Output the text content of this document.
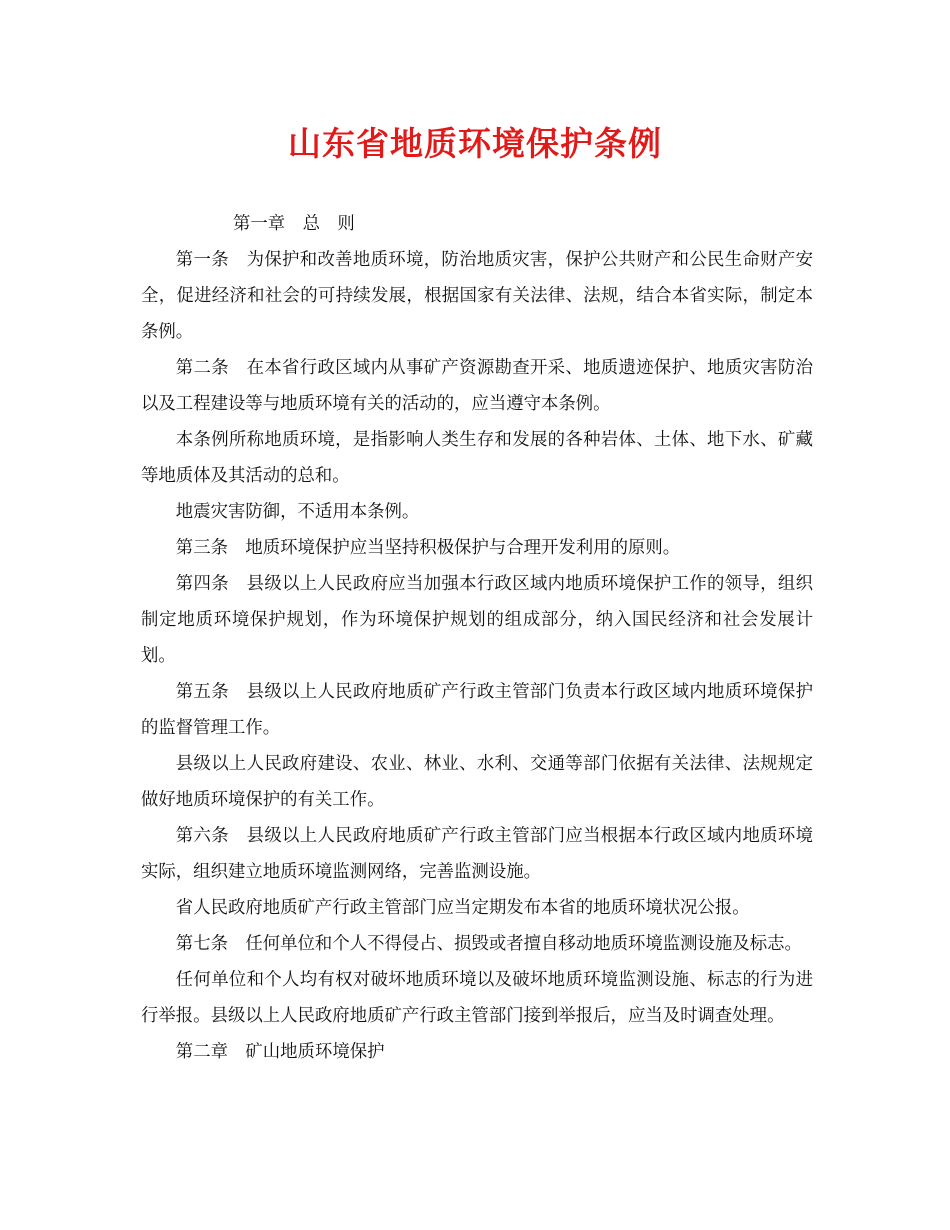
山东省地质环境保护条例

第一章　总　则

第一条　为保护和改善地质环境，防治地质灾害，保护公共财产和公民生命财产安全，促进经济和社会的可持续发展，根据国家有关法律、法规，结合本省实际，制定本条例。

第二条　在本省行政区域内从事矿产资源勘查开采、地质遗迹保护、地质灾害防治以及工程建设等与地质环境有关的活动的，应当遵守本条例。

本条例所称地质环境，是指影响人类生存和发展的各种岩体、土体、地下水、矿藏等地质体及其活动的总和。

地震灾害防御，不适用本条例。

第三条　地质环境保护应当坚持积极保护与合理开发利用的原则。

第四条　县级以上人民政府应当加强本行政区域内地质环境保护工作的领导，组织制定地质环境保护规划，作为环境保护规划的组成部分，纳入国民经济和社会发展计划。

第五条　县级以上人民政府地质矿产行政主管部门负责本行政区域内地质环境保护的监督管理工作。

县级以上人民政府建设、农业、林业、水利、交通等部门依据有关法律、法规规定做好地质环境保护的有关工作。

第六条　县级以上人民政府地质矿产行政主管部门应当根据本行政区域内地质环境实际，组织建立地质环境监测网络，完善监测设施。

省人民政府地质矿产行政主管部门应当定期发布本省的地质环境状况公报。

第七条　任何单位和个人不得侵占、损毁或者擅自移动地质环境监测设施及标志。

任何单位和个人均有权对破坏地质环境以及破坏地质环境监测设施、标志的行为进行举报。县级以上人民政府地质矿产行政主管部门接到举报后，应当及时调查处理。

第二章　矿山地质环境保护
